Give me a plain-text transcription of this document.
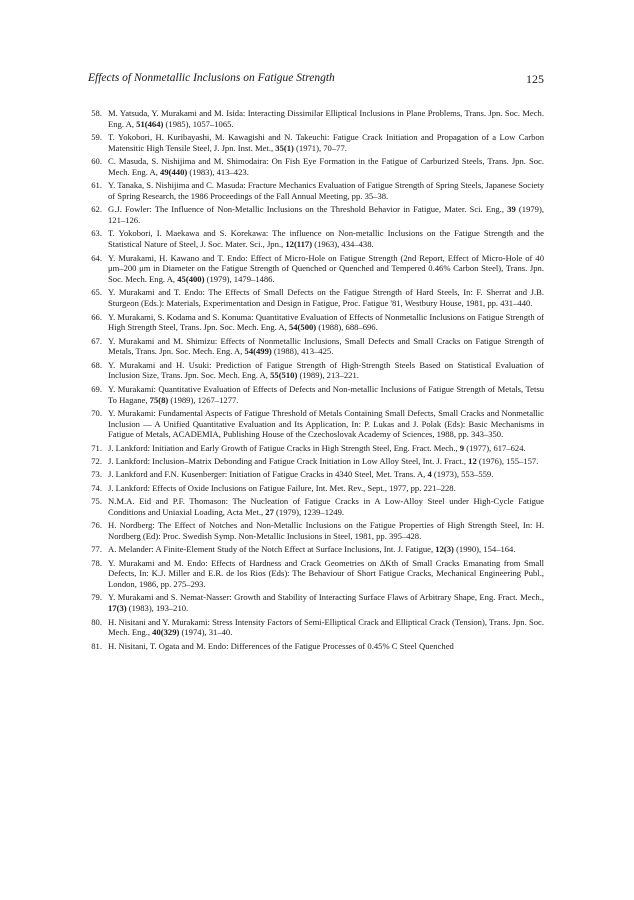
Effects of Nonmetallic Inclusions on Fatigue Strength	125
58. M. Yatsuda, Y. Murakami and M. Isida: Interacting Dissimilar Elliptical Inclusions in Plane Problems, Trans. Jpn. Soc. Mech. Eng. A, 51(464) (1985), 1057–1065.
59. T. Yokobori, H. Kuribayashi, M. Kawagishi and N. Takeuchi: Fatigue Crack Initiation and Propagation of a Low Carbon Matensitic High Tensile Steel, J. Jpn. Inst. Met., 35(1) (1971), 70–77.
60. C. Masuda, S. Nishijima and M. Shimodaira: On Fish Eye Formation in the Fatigue of Carburized Steels, Trans. Jpn. Soc. Mech. Eng. A, 49(440) (1983), 413–423.
61. Y. Tanaka, S. Nishijima and C. Masuda: Fracture Mechanics Evaluation of Fatigue Strength of Spring Steels, Japanese Society of Spring Research, the 1986 Proceedings of the Fall Annual Meeting, pp. 35–38.
62. G.J. Fowler: The Influence of Non-Metallic Inclusions on the Threshold Behavior in Fatigue, Mater. Sci. Eng., 39 (1979), 121–126.
63. T. Yokobori, I. Maekawa and S. Korekawa: The influence on Non-metallic Inclusions on the Fatigue Strength and the Statistical Nature of Steel, J. Soc. Mater. Sci., Jpn., 12(117) (1963), 434–438.
64. Y. Murakami, H. Kawano and T. Endo: Effect of Micro-Hole on Fatigue Strength (2nd Report, Effect of Micro-Hole of 40 μm–200 μm in Diameter on the Fatigue Strength of Quenched or Quenched and Tempered 0.46% Carbon Steel), Trans. Jpn. Soc. Mech. Eng. A, 45(400) (1979), 1479–1486.
65. Y. Murakami and T. Endo: The Effects of Small Defects on the Fatigue Strength of Hard Steels, In: F. Sherrat and J.B. Sturgeon (Eds.): Materials, Experimentation and Design in Fatigue, Proc. Fatigue '81, Westbury House, 1981, pp. 431–440.
66. Y. Murakami, S. Kodama and S. Konuma: Quantitative Evaluation of Effects of Nonmetallic Inclusions on Fatigue Strength of High Strength Steel, Trans. Jpn. Soc. Mech. Eng. A, 54(500) (1988), 688–696.
67. Y. Murakami and M. Shimizu: Effects of Nonmetallic Inclusions, Small Defects and Small Cracks on Fatigue Strength of Metals, Trans. Jpn. Soc. Mech. Eng. A, 54(499) (1988), 413–425.
68. Y. Murakami and H. Usuki: Prediction of Fatigue Strength of High-Strength Steels Based on Statistical Evaluation of Inclusion Size, Trans. Jpn. Soc. Mech. Eng. A, 55(510) (1989), 213–221.
69. Y. Murakami: Quantitative Evaluation of Effects of Defects and Non-metallic Inclusions of Fatigue Strength of Metals, Tetsu To Hagane, 75(8) (1989), 1267–1277.
70. Y. Murakami: Fundamental Aspects of Fatigue Threshold of Metals Containing Small Defects, Small Cracks and Nonmetallic Inclusion — A Unified Quantitative Evaluation and Its Application, In: P. Lukas and J. Polak (Eds): Basic Mechanisms in Fatigue of Metals, ACADEMIA, Publishing House of the Czechoslovak Academy of Sciences, 1988, pp. 343–350.
71. J. Lankford: Initiation and Early Growth of Fatigue Cracks in High Strength Steel, Eng. Fract. Mech., 9 (1977), 617–624.
72. J. Lankford: Inclusion–Matrix Debonding and Fatigue Crack Initiation in Low Alloy Steel, Int. J. Fract., 12 (1976), 155–157.
73. J. Lankford and F.N. Kusenberger: Initiation of Fatigue Cracks in 4340 Steel, Met. Trans. A, 4 (1973), 553–559.
74. J. Lankford: Effects of Oxide Inclusions on Fatigue Failure, Int. Met. Rev., Sept., 1977, pp. 221–228.
75. N.M.A. Eid and P.F. Thomason: The Nucleation of Fatigue Cracks in A Low-Alloy Steel under High-Cycle Fatigue Conditions and Uniaxial Loading, Acta Met., 27 (1979), 1239–1249.
76. H. Nordberg: The Effect of Notches and Non-Metallic Inclusions on the Fatigue Properties of High Strength Steel, In: H. Nordberg (Ed): Proc. Swedish Symp. Non-Metallic Inclusions in Steel, 1981, pp. 395–428.
77. A. Melander: A Finite-Element Study of the Notch Effect at Surface Inclusions, Int. J. Fatigue, 12(3) (1990), 154–164.
78. Y. Murakami and M. Endo: Effects of Hardness and Crack Geometries on ΔKth of Small Cracks Emanating from Small Defects, In: K.J. Miller and E.R. de los Rios (Eds): The Behaviour of Short Fatigue Cracks, Mechanical Engineering Publ., London, 1986, pp. 275–293.
79. Y. Murakami and S. Nemat-Nasser: Growth and Stability of Interacting Surface Flaws of Arbitrary Shape, Eng. Fract. Mech., 17(3) (1983), 193–210.
80. H. Nisitani and Y. Murakami: Stress Intensity Factors of Semi-Elliptical Crack and Elliptical Crack (Tension), Trans. Jpn. Soc. Mech. Eng., 40(329) (1974), 31–40.
81. H. Nisitani, T. Ogata and M. Endo: Differences of the Fatigue Processes of 0.45% C Steel Quenched
